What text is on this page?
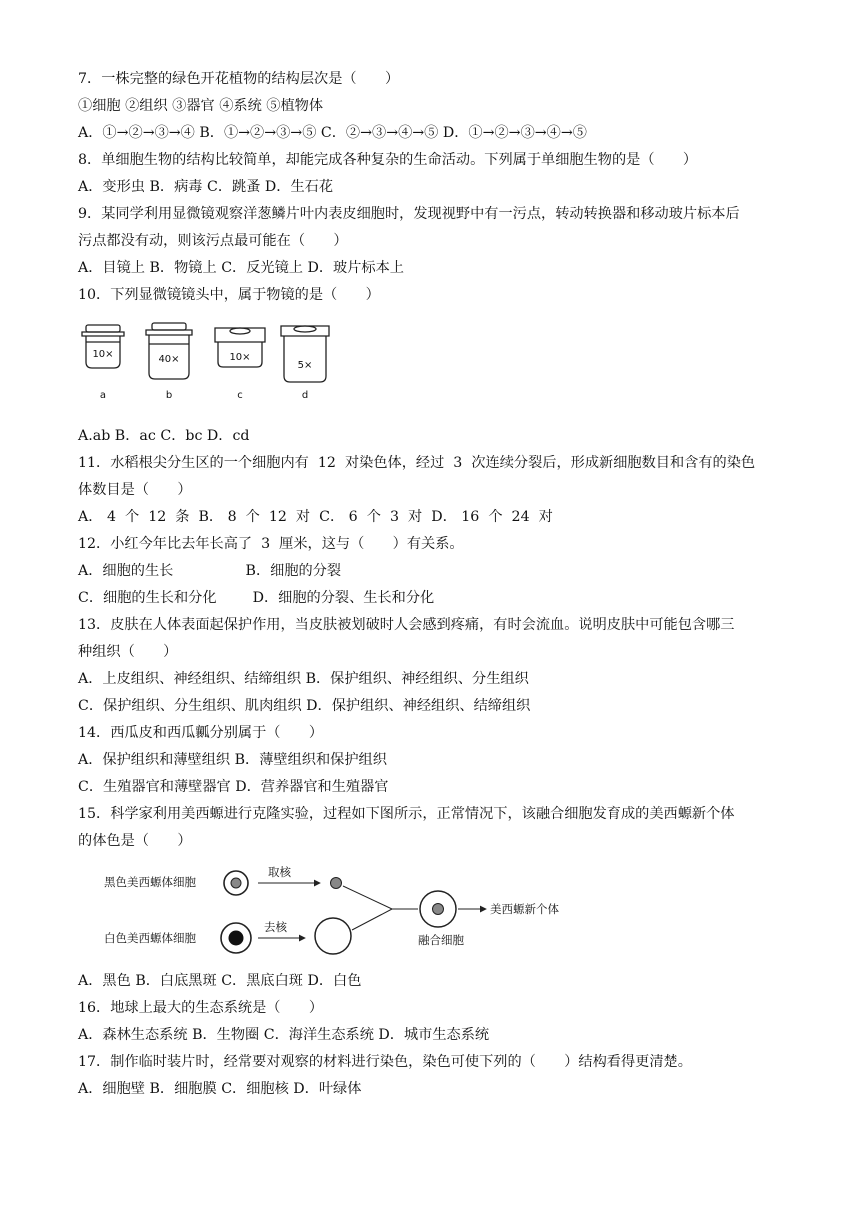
7．一株完整的绿色开花植物的结构层次是（　　）
①细胞 ②组织 ③器官 ④系统 ⑤植物体
A．①→②→③→④ B．①→②→③→⑤ C．②→③→④→⑤ D．①→②→③→④→⑤
8．单细胞生物的结构比较简单，却能完成各种复杂的生命活动。下列属于单细胞生物的是（　　）
A．变形虫 B．病毒 C．跳蚤 D．生石花
9．某同学利用显微镜观察洋葱鳞片叶内表皮细胞时，发现视野中有一污点，转动转换器和移动玻片标本后
污点都没有动，则该污点最可能在（　　）
A．目镜上 B．物镜上 C．反光镜上 D．玻片标本上
10．下列显微镜镜头中，属于物镜的是（　　）
10×	40×	10×
5×
a	b	c	d
A.ab B．ac C．bc D．cd
11．水稻根尖分生区的一个细胞内有  12  对染色体，经过  3  次连续分裂后，形成新细胞数目和含有的染色
体数目是（　　）
A． 4  个  12  条  B． 8  个  12  对  C． 6  个  3  对  D． 16  个  24  对
12．小红今年比去年长高了  3  厘米，这与（　　）有关系。
A．细胞的生长                B．细胞的分裂
C．细胞的生长和分化        D．细胞的分裂、生长和分化
13．皮肤在人体表面起保护作用，当皮肤被划破时人会感到疼痛，有时会流血。说明皮肤中可能包含哪三
种组织（　　）
A．上皮组织、神经组织、结缔组织 B．保护组织、神经组织、分生组织
C．保护组织、分生组织、肌肉组织 D．保护组织、神经组织、结缔组织
14．西瓜皮和西瓜瓤分别属于（　　）
A．保护组织和薄壁组织 B．薄壁组织和保护组织
C．生殖器官和薄壁器官 D．营养器官和生殖器官
15．科学家利用美西螈进行克隆实验，过程如下图所示，正常情况下，该融合细胞发育成的美西螈新个体
的体色是（　　）
黑色美西螈体细胞
白色美西螈体细胞
取核
去核
融合细胞
美西螈新个体
A．黑色 B．白底黑斑 C．黑底白斑 D．白色
16．地球上最大的生态系统是（　　）
A．森林生态系统 B．生物圈 C．海洋生态系统 D．城市生态系统
17．制作临时装片时，经常要对观察的材料进行染色，染色可使下列的（　　）结构看得更清楚。
A．细胞壁 B．细胞膜 C．细胞核 D．叶绿体
